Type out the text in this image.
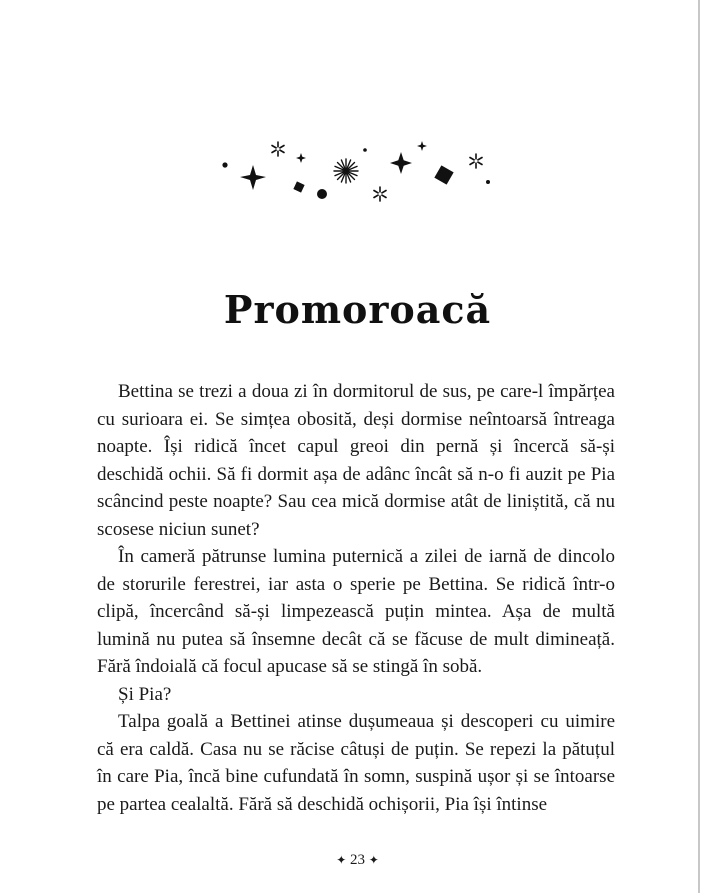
Promoroacă

Bettina se trezi a doua zi în dormitorul de sus, pe care-l împărțea cu surioara ei. Se simțea obosită, deși dormise neîntoarsă întreaga noapte. Își ridică încet capul greoi din pernă și încercă să-și deschidă ochii. Să fi dormit așa de adânc încât să n-o fi auzit pe Pia scâncind peste noapte? Sau cea mică dormise atât de liniștită, că nu scosese niciun sunet?

În cameră pătrunse lumina puternică a zilei de iarnă de dincolo de storurile ferestrei, iar asta o sperie pe Bettina. Se ridică într-o clipă, încercând să-și limpezească puțin mintea. Așa de multă lumină nu putea să însemne decât că se făcuse de mult dimineață. Fără îndoială că focul apucase să se stingă în sobă.

Și Pia?

Talpa goală a Bettinei atinse dușumeaua și descoperi cu uimire că era caldă. Casa nu se răcise câtuși de puțin. Se repezi la pătuțul în care Pia, încă bine cufundată în somn, suspină ușor și se întoarse pe partea cealaltă. Fără să deschidă ochișorii, Pia își întinse

✦ 23 ✦
